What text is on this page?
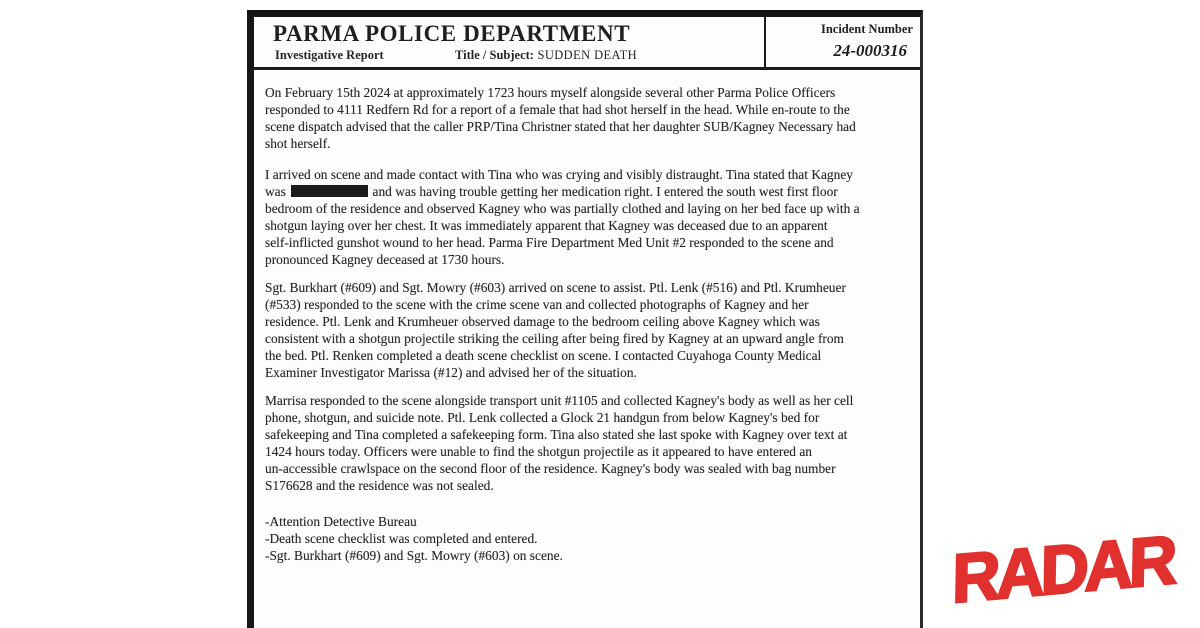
PARMA POLICE DEPARTMENT
Investigative Report	Title / Subject: SUDDEN DEATH
Incident Number
24-000316
On February 15th 2024 at approximately 1723 hours myself alongside several other Parma Police Officers
responded to 4111 Redfern Rd for a report of a female that had shot herself in the head. While en-route to the
scene dispatch advised that the caller PRP/Tina Christner stated that her daughter SUB/Kagney Necessary had
shot herself.
I arrived on scene and made contact with Tina who was crying and visibly distraught. Tina stated that Kagney
was	and was having trouble getting her medication right. I entered the south west first floor
bedroom of the residence and observed Kagney who was partially clothed and laying on her bed face up with a
shotgun laying over her chest. It was immediately apparent that Kagney was deceased due to an apparent
self-inflicted gunshot wound to her head. Parma Fire Department Med Unit #2 responded to the scene and
pronounced Kagney deceased at 1730 hours.
Sgt. Burkhart (#609) and Sgt. Mowry (#603) arrived on scene to assist. Ptl. Lenk (#516) and Ptl. Krumheuer
(#533) responded to the scene with the crime scene van and collected photographs of Kagney and her
residence. Ptl. Lenk and Krumheuer observed damage to the bedroom ceiling above Kagney which was
consistent with a shotgun projectile striking the ceiling after being fired by Kagney at an upward angle from
the bed. Ptl. Renken completed a death scene checklist on scene. I contacted Cuyahoga County Medical
Examiner Investigator Marissa (#12) and advised her of the situation.
Marrisa responded to the scene alongside transport unit #1105 and collected Kagney's body as well as her cell
phone, shotgun, and suicide note. Ptl. Lenk collected a Glock 21 handgun from below Kagney's bed for
safekeeping and Tina completed a safekeeping form. Tina also stated she last spoke with Kagney over text at
1424 hours today. Officers were unable to find the shotgun projectile as it appeared to have entered an
un-accessible crawlspace on the second floor of the residence. Kagney's body was sealed with bag number
S176628 and the residence was not sealed.
-Attention Detective Bureau
-Death scene checklist was completed and entered.
-Sgt. Burkhart (#609) and Sgt. Mowry (#603) on scene.	RADAR
